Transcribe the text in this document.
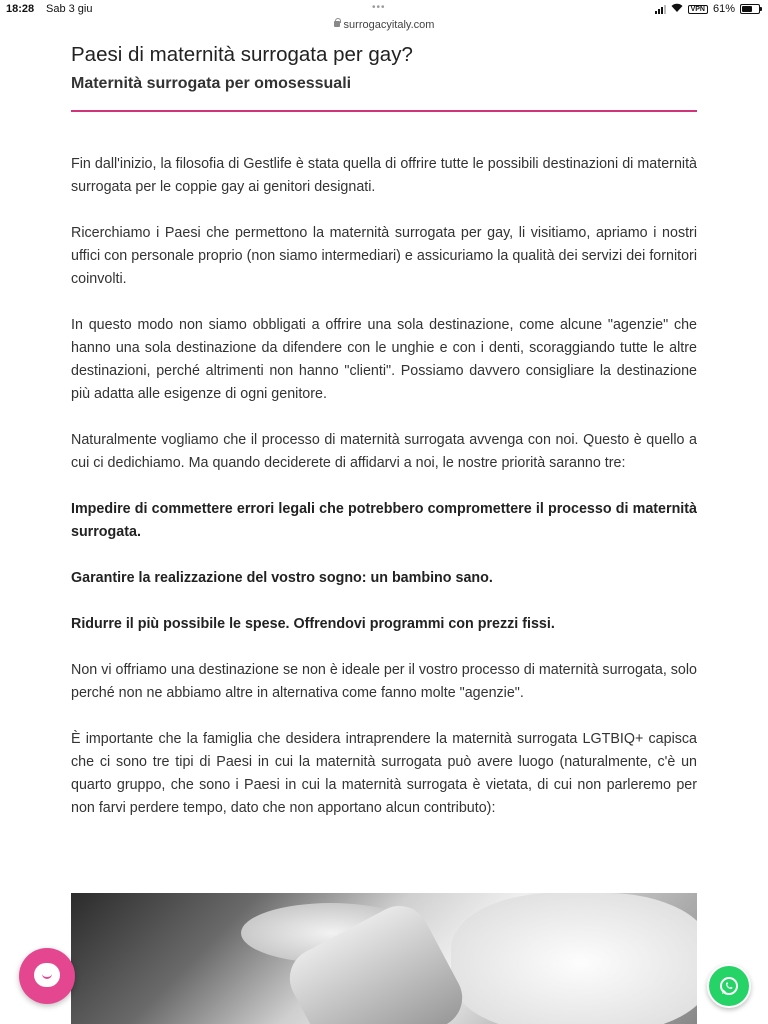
18:28 Sab 3 giu	•••
surrogacyitaly.com
VPN 61%
Paesi di maternità surrogata per gay?
Maternità surrogata per omosessuali

Fin dall'inizio, la filosofia di Gestlife è stata quella di offrire tutte le possibili destinazioni di maternità surrogata per le coppie gay ai genitori designati.

Ricerchiamo i Paesi che permettono la maternità surrogata per gay, li visitiamo, apriamo i nostri uffici con personale proprio (non siamo intermediari) e assicuriamo la qualità dei servizi dei fornitori coinvolti.

In questo modo non siamo obbligati a offrire una sola destinazione, come alcune "agenzie" che hanno una sola destinazione da difendere con le unghie e con i denti, scoraggiando tutte le altre destinazioni, perché altrimenti non hanno "clienti". Possiamo davvero consigliare la destinazione più adatta alle esigenze di ogni genitore.

Naturalmente vogliamo che il processo di maternità surrogata avvenga con noi. Questo è quello a cui ci dedichiamo. Ma quando deciderete di affidarvi a noi, le nostre priorità saranno tre:

Impedire di commettere errori legali che potrebbero compromettere il processo di maternità surrogata.

Garantire la realizzazione del vostro sogno: un bambino sano.

Ridurre il più possibile le spese. Offrendovi programmi con prezzi fissi.

Non vi offriamo una destinazione se non è ideale per il vostro processo di maternità surrogata, solo perché non ne abbiamo altre in alternativa come fanno molte "agenzie".

È importante che la famiglia che desidera intraprendere la maternità surrogata LGTBIQ+ capisca che ci sono tre tipi di Paesi in cui la maternità surrogata può avere luogo (naturalmente, c'è un quarto gruppo, che sono i Paesi in cui la maternità surrogata è vietata, di cui non parleremo per non farvi perdere tempo, dato che non apportano alcun contributo):
